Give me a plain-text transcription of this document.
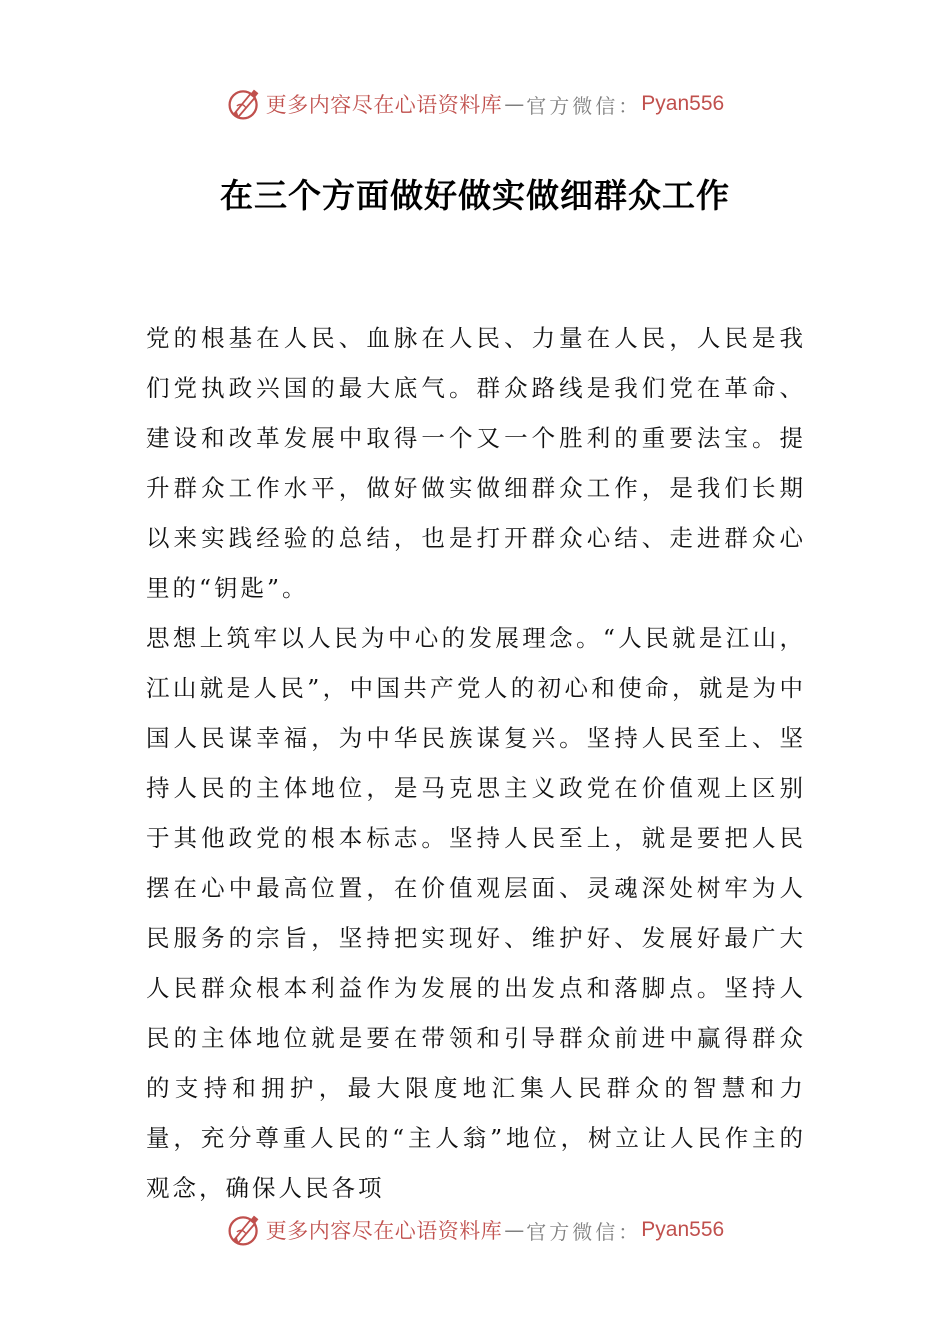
更多内容尽在心语资料库 — 官方微信： Pyan556
在三个方面做好做实做细群众工作

党的根基在人民、血脉在人民、力量在人民，人民是我们党执政兴国的最大底气。群众路线是我们党在革命、建设和改革发展中取得一个又一个胜利的重要法宝。提升群众工作水平，做好做实做细群众工作，是我们长期以来实践经验的总结，也是打开群众心结、走进群众心里的“钥匙”。

思想上筑牢以人民为中心的发展理念。“人民就是江山，江山就是人民”，中国共产党人的初心和使命，就是为中国人民谋幸福，为中华民族谋复兴。坚持人民至上、坚持人民的主体地位，是马克思主义政党在价值观上区别于其他政党的根本标志。坚持人民至上，就是要把人民摆在心中最高位置，在价值观层面、灵魂深处树牢为人民服务的宗旨，坚持把实现好、维护好、发展好最广大人民群众根本利益作为发展的出发点和落脚点。坚持人民的主体地位就是要在带领和引导群众前进中赢得群众的支持和拥护，最大限度地汇集人民群众的智慧和力量，充分尊重人民的“主人翁”地位，树立让人民作主的观念，确保人民各项

更多内容尽在心语资料库 — 官方微信： Pyan556
